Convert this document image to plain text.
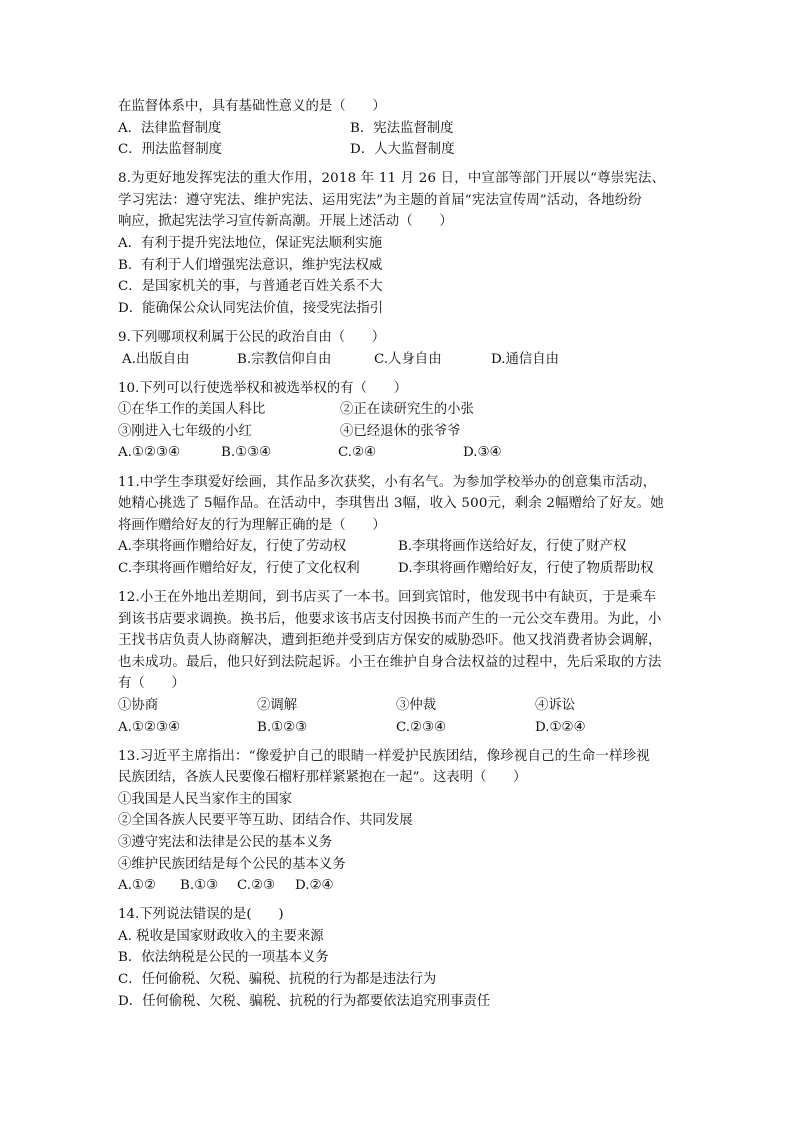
在监督体系中，具有基础性意义的是（　　）
A．法律监督制度	B．宪法监督制度
C．刑法监督制度	D．人大监督制度
8.为更好地发挥宪法的重大作用，2018 年 11 月 26 日，中宣部等部门开展以“尊崇宪法、
学习宪法：遵守宪法、维护宪法、运用宪法”为主题的首届“宪法宣传周”活动，各地纷纷
响应，掀起宪法学习宣传新高潮。开展上述活动（　　）
A．有利于提升宪法地位，保证宪法顺利实施
B．有利于人们增强宪法意识，维护宪法权威
C．是国家机关的事，与普通老百姓关系不大
D．能确保公众认同宪法价值，接受宪法指引
9.下列哪项权利属于公民的政治自由（　　）
A.出版自由	B.宗教信仰自由	C.人身自由	D.通信自由
10.下列可以行使选举权和被选举权的有（　　）
①在华工作的美国人科比	②正在读研究生的小张
③刚进入七年级的小红	④已经退休的张爷爷
A.①②③④	B.①③④	C.②④	D.③④
11.中学生李琪爱好绘画，其作品多次获奖，小有名气。为参加学校举办的创意集市活动，
她精心挑选了 5幅作品。在活动中，李琪售出 3幅，收入 500元，剩余 2幅赠给了好友。她
将画作赠给好友的行为理解正确的是（　　）
A.李琪将画作赠给好友，行使了劳动权	B.李琪将画作送给好友，行使了财产权
C.李琪将画作赠给好友，行使了文化权利	D.李琪将画作赠给好友，行使了物质帮助权
12.小王在外地出差期间，到书店买了一本书。回到宾馆时，他发现书中有缺页，于是乘车
到该书店要求调换。换书后，他要求该书店支付因换书而产生的一元公交车费用。为此，小
王找书店负责人协商解决，遭到拒绝并受到店方保安的威胁恐吓。他又找消费者协会调解，
也未成功。最后，他只好到法院起诉。小王在维护自身合法权益的过程中，先后采取的方法
有（　　）
①协商	②调解	③仲裁	④诉讼
A.①②③④	B.①②③	C.②③④	D.①②④
13.习近平主席指出：“像爱护自己的眼睛一样爱护民族团结，像珍视自己的生命一样珍视
民族团结，各族人民要像石榴籽那样紧紧抱在一起”。这表明（　　）
①我国是人民当家作主的国家
②全国各族人民要平等互助、团结合作、共同发展
③遵守宪法和法律是公民的基本义务
④维护民族团结是每个公民的基本义务
A.①②	B.①③	C.②③	D.②④
14.下列说法错误的是(　　)
A. 税收是国家财政收入的主要来源
B．依法纳税是公民的一项基本义务
C．任何偷税、欠税、骗税、抗税的行为都是违法行为
D．任何偷税、欠税、骗税、抗税的行为都要依法追究刑事责任
